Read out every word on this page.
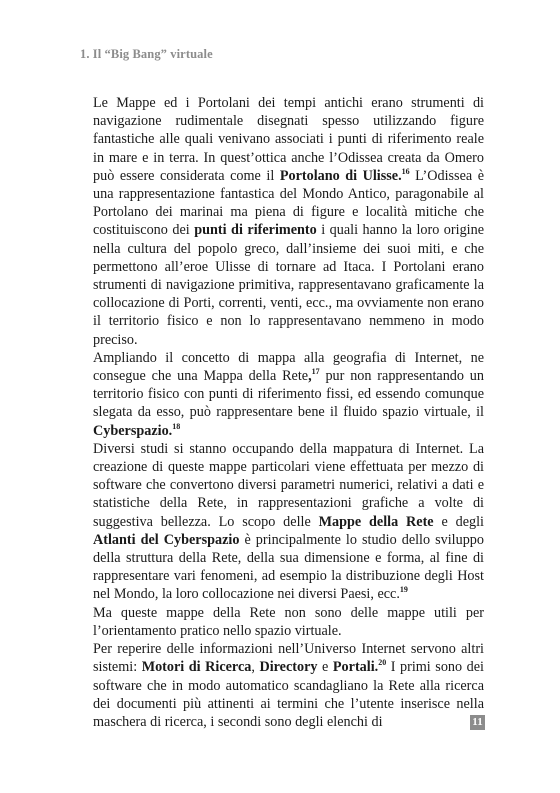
1. Il “Big Bang” virtuale

Le Mappe ed i Portolani dei tempi antichi erano strumenti di navigazione rudimentale disegnati spesso utilizzando figure fantastiche alle quali venivano associati i punti di riferimento reale in mare e in terra. In quest’ottica anche l’Odissea creata da Omero può essere considerata come il Portolano di Ulisse.$^{16}$ L’Odissea è una rappresentazione fantastica del Mondo Antico, paragonabile al Portolano dei marinai ma piena di figure e località mitiche che costituiscono dei punti di riferimento i quali hanno la loro origine nella cultura del popolo greco, dall’insieme dei suoi miti, e che permettono all’eroe Ulisse di tornare ad Itaca. I Portolani erano strumenti di navigazione primitiva, rappresentavano graficamente la collocazione di Porti, correnti, venti, ecc., ma ovviamente non erano il territorio fisico e non lo rappresentavano nemmeno in modo preciso.

Ampliando il concetto di mappa alla geografia di Internet, ne consegue che una Mappa della Rete,$^{17}$ pur non rappresentando un territorio fisico con punti di riferimento fissi, ed essendo comunque slegata da esso, può rappresentare bene il fluido spazio virtuale, il Cyberspazio.$^{18}$

Diversi studi si stanno occupando della mappatura di Internet. La creazione di queste mappe particolari viene effettuata per mezzo di software che convertono diversi parametri numerici, relativi a dati e statistiche della Rete, in rappresentazioni grafiche a volte di suggestiva bellezza. Lo scopo delle Mappe della Rete e degli Atlanti del Cyberspazio è principalmente lo studio dello sviluppo della struttura della Rete, della sua dimensione e forma, al fine di rappresentare vari fenomeni, ad esempio la distribuzione degli Host nel Mondo, la loro collocazione nei diversi Paesi, ecc.$^{19}$

Ma queste mappe della Rete non sono delle mappe utili per l’orientamento pratico nello spazio virtuale.

Per reperire delle informazioni nell’Universo Internet servono altri sistemi: Motori di Ricerca, Directory e Portali.$^{20}$ I primi sono dei software che in modo automatico scandagliano la Rete alla ricerca dei documenti più attinenti ai termini che l’utente inserisce nella maschera di ricerca, i secondi sono degli elenchi di	11
